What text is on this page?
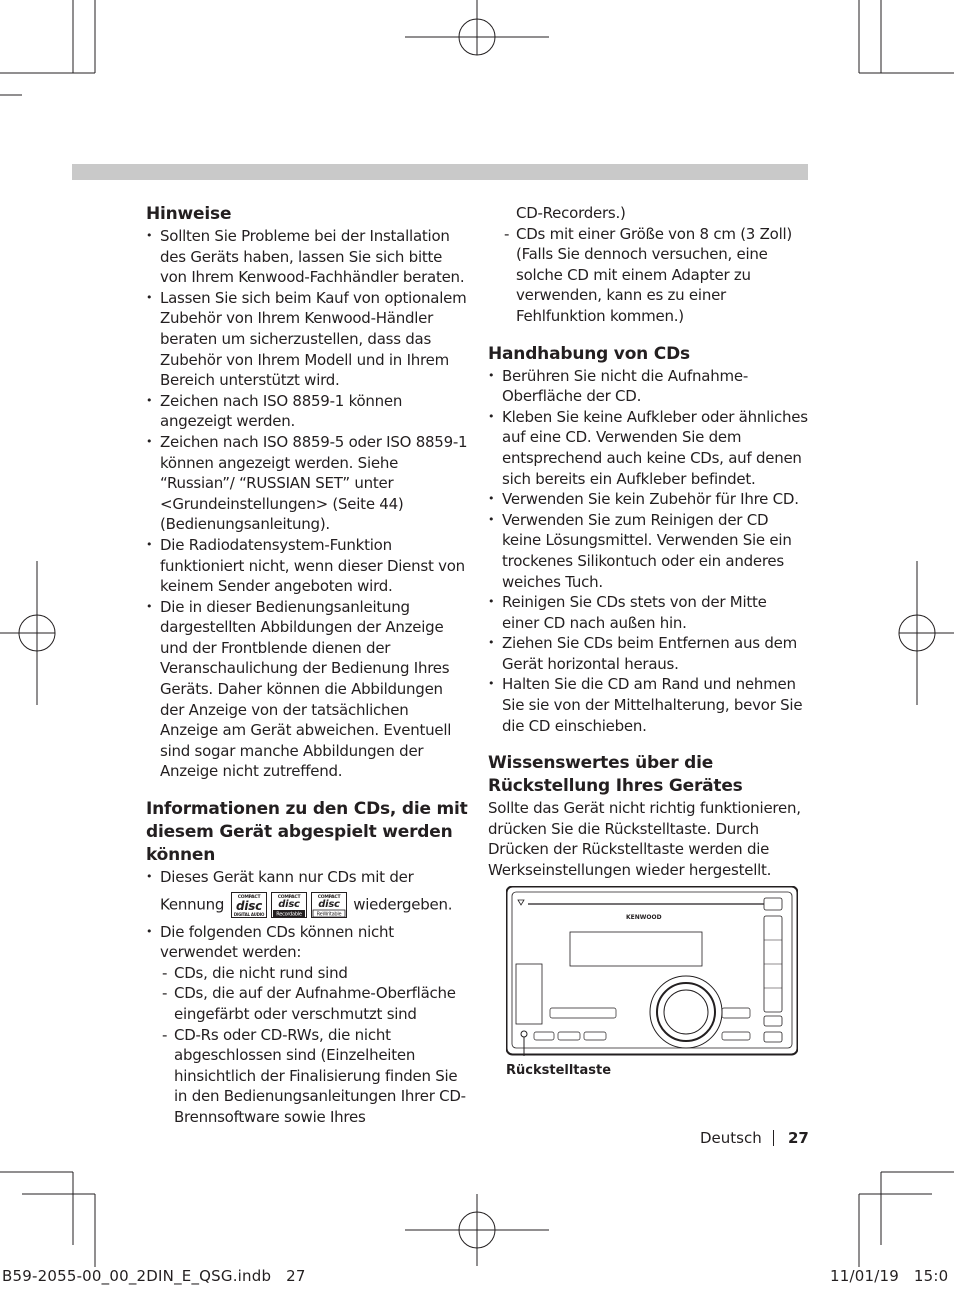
Hinweise
• Sollten Sie Probleme bei der Installation des Geräts haben, lassen Sie sich bitte von Ihrem Kenwood-Fachhändler beraten.
• Lassen Sie sich beim Kauf von optionalem Zubehör von Ihrem Kenwood-Händler beraten um sicherzustellen, dass das Zubehör von Ihrem Modell und in Ihrem Bereich unterstützt wird.
• Zeichen nach ISO 8859-1 können angezeigt werden.
• Zeichen nach ISO 8859-5 oder ISO 8859-1 können angezeigt werden. Siehe “Russian”/ “RUSSIAN SET” unter <Grundeinstellungen> (Seite 44) (Bedienungsanleitung).
• Die Radiodatensystem-Funktion funktioniert nicht, wenn dieser Dienst von keinem Sender angeboten wird.
• Die in dieser Bedienungsanleitung dargestellten Abbildungen der Anzeige und der Frontblende dienen der Veranschaulichung der Bedienung Ihres Geräts. Daher können die Abbildungen der Anzeige von der tatsächlichen Anzeige am Gerät abweichen. Eventuell sind sogar manche Abbildungen der Anzeige nicht zutreffend.
Informationen zu den CDs, die mit diesem Gerät abgespielt werden können
• Dieses Gerät kann nur CDs mit der
Kennung	COMPACT
disc
DIGITAL AUDIO
COMPACT
disc
Recordable
COMPACT
disc
ReWritable
wiedergeben.
• Die folgenden CDs können nicht verwendet werden:
- CDs, die nicht rund sind
- CDs, die auf der Aufnahme-Oberfläche eingefärbt oder verschmutzt sind
- CD-Rs oder CD-RWs, die nicht abgeschlossen sind (Einzelheiten hinsichtlich der Finalisierung finden Sie in den Bedienungsanleitungen Ihrer CD-Brennsoftware sowie Ihres
CD-Recorders.)
- CDs mit einer Größe von 8 cm (3 Zoll) (Falls Sie dennoch versuchen, eine solche CD mit einem Adapter zu verwenden, kann es zu einer Fehlfunktion kommen.)
Handhabung von CDs
• Berühren Sie nicht die Aufnahme-Oberfläche der CD.
• Kleben Sie keine Aufkleber oder ähnliches auf eine CD. Verwenden Sie dem entsprechend auch keine CDs, auf denen sich bereits ein Aufkleber befindet.
• Verwenden Sie kein Zubehör für Ihre CD.
• Verwenden Sie zum Reinigen der CD keine Lösungsmittel. Verwenden Sie ein trockenes Silikontuch oder ein anderes weiches Tuch.
• Reinigen Sie CDs stets von der Mitte einer CD nach außen hin.
• Ziehen Sie CDs beim Entfernen aus dem Gerät horizontal heraus.
• Halten Sie die CD am Rand und nehmen Sie sie von der Mittelhalterung, bevor Sie die CD einschieben.
Wissenswertes über die Rückstellung Ihres Gerätes
Sollte das Gerät nicht richtig funktionieren, drücken Sie die Rückstelltaste. Durch Drücken der Rückstelltaste werden die Werkseinstellungen wieder hergestellt.
KENWOOD
Rückstelltaste
Deutsch 27
B59-2055-00_00_2DIN_E_QSG.indb   27	11/01/19   15:0
